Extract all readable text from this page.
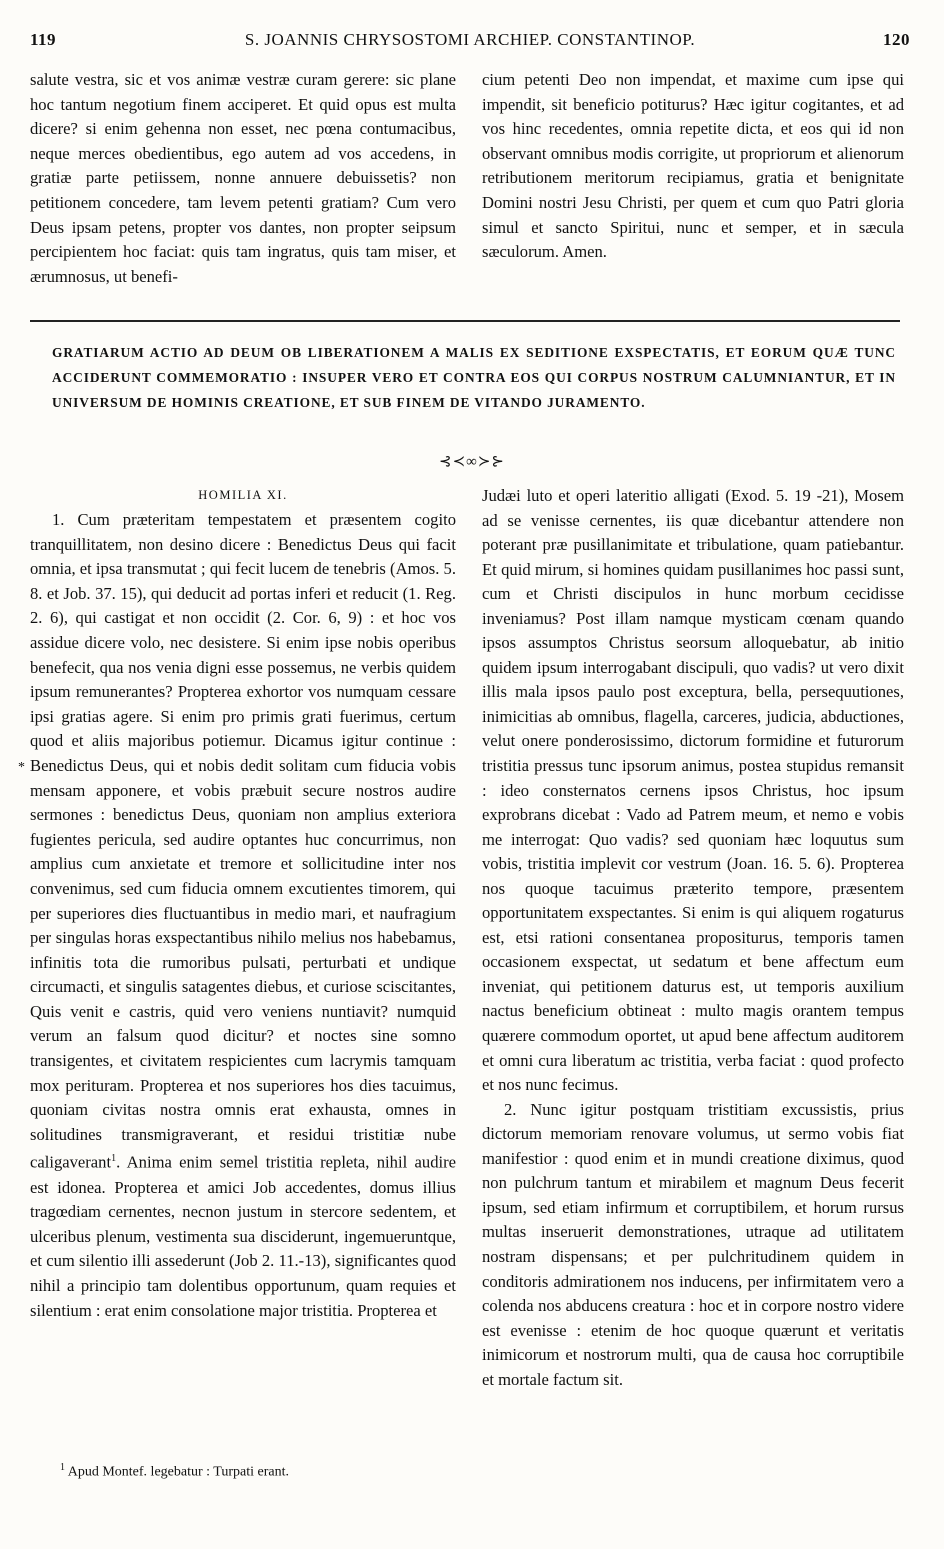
119	S. JOANNIS CHRYSOSTOMI ARCHIEP. CONSTANTINOP.	120

salute vestra, sic et vos animæ vestræ curam gerere: sic plane hoc tantum negotium finem acciperet. Et quid opus est multa dicere? si enim gehenna non esset, nec pœna contumacibus, neque merces obedientibus, ego autem ad vos accedens, in gratiæ parte petiissem, nonne annuere debuissetis? non petitionem concedere, tam levem petenti gratiam? Cum vero Deus ipsam petens, propter vos dantes, non propter seipsum percipientem hoc faciat: quis tam ingratus, quis tam miser, et ærumnosus, ut benefi-

cium petenti Deo non impendat, et maxime cum ipse qui impendit, sit beneficio potiturus? Hæc igitur cogitantes, et ad vos hinc recedentes, omnia repetite dicta, et eos qui id non observant omnibus modis corrigite, ut propriorum et alienorum retributionem meritorum recipiamus, gratia et benignitate Domini nostri Jesu Christi, per quem et cum quo Patri gloria simul et sancto Spiritui, nunc et semper, et in sæcula sæculorum. Amen.

GRATIARUM ACTIO AD DEUM OB LIBERATIONEM A MALIS EX SEDITIONE EXSPECTATIS, ET EORUM QUÆ TUNC ACCIDERUNT COMMEMORATIO : INSUPER VERO ET CONTRA EOS QUI CORPUS NOSTRUM CALUMNIANTUR, ET IN UNIVERSUM DE HOMINIS CREATIONE, ET SUB FINEM DE VITANDO JURAMENTO.
⊰≺∞≻⊱
HOMILIA XI.
*

1. Cum præteritam tempestatem et præsentem cogito tranquillitatem, non desino dicere : Benedictus Deus qui facit omnia, et ipsa transmutat ; qui fecit lucem de tenebris (Amos. 5. 8. et Job. 37. 15), qui deducit ad portas inferi et reducit (1. Reg. 2. 6), qui castigat et non occidit (2. Cor. 6, 9) : et hoc vos assidue dicere volo, nec desistere. Si enim ipse nobis operibus benefecit, qua nos venia digni esse possemus, ne verbis quidem ipsum remunerantes? Propterea exhortor vos numquam cessare ipsi gratias agere. Si enim pro primis grati fuerimus, certum quod et aliis majoribus potiemur. Dicamus igitur continue : Benedictus Deus, qui et nobis dedit solitam cum fiducia vobis mensam apponere, et vobis præbuit secure nostros audire sermones : benedictus Deus, quoniam non amplius exteriora fugientes pericula, sed audire optantes huc concurrimus, non amplius cum anxietate et tremore et sollicitudine inter nos convenimus, sed cum fiducia omnem excutientes timorem, qui per superiores dies fluctuantibus in medio mari, et naufragium per singulas horas exspectantibus nihilo melius nos habebamus, infinitis tota die rumoribus pulsati, perturbati et undique circumacti, et singulis satagentes diebus, et curiose sciscitantes, Quis venit e castris, quid vero veniens nuntiavit? numquid verum an falsum quod dicitur? et noctes sine somno transigentes, et civitatem respicientes cum lacrymis tamquam mox perituram. Propterea et nos superiores hos dies tacuimus, quoniam civitas nostra omnis erat exhausta, omnes in solitudines transmigraverant, et residui tristitiæ nube caligaverant$^1$. Anima enim semel tristitia repleta, nihil audire est idonea. Propterea et amici Job accedentes, domus illius tragœdiam cernentes, necnon justum in stercore sedentem, et ulceribus plenum, vestimenta sua disciderunt, ingemueruntque, et cum silentio illi assederunt (Job 2. 11.-13), significantes quod nihil a principio tam dolentibus opportunum, quam requies et silentium : erat enim consolatione major tristitia. Propterea et

Judæi luto et operi lateritio alligati (Exod. 5. 19 -21), Mosem ad se venisse cernentes, iis quæ dicebantur attendere non poterant præ pusillanimitate et tribulatione, quam patiebantur. Et quid mirum, si homines quidam pusillanimes hoc passi sunt, cum et Christi discipulos in hunc morbum cecidisse inveniamus? Post illam namque mysticam cœnam quando ipsos assumptos Christus seorsum alloquebatur, ab initio quidem ipsum interrogabant discipuli, quo vadis? ut vero dixit illis mala ipsos paulo post exceptura, bella, persequutiones, inimicitias ab omnibus, flagella, carceres, judicia, abductiones, velut onere ponderosissimo, dictorum formidine et futurorum tristitia pressus tunc ipsorum animus, postea stupidus remansit : ideo consternatos cernens ipsos Christus, hoc ipsum exprobrans dicebat : Vado ad Patrem meum, et nemo e vobis me interrogat: Quo vadis? sed quoniam hæc loquutus sum vobis, tristitia implevit cor vestrum (Joan. 16. 5. 6). Propterea nos quoque tacuimus præterito tempore, præsentem opportunitatem exspectantes. Si enim is qui aliquem rogaturus est, etsi rationi consentanea propositurus, temporis tamen occasionem exspectat, ut sedatum et bene affectum eum inveniat, qui petitionem daturus est, ut temporis auxilium nactus beneficium obtineat : multo magis orantem tempus quærere commodum oportet, ut apud bene affectum auditorem et omni cura liberatum ac tristitia, verba faciat : quod profecto et nos nunc fecimus.

2. Nunc igitur postquam tristitiam excussistis, prius dictorum memoriam renovare volumus, ut sermo vobis fiat manifestior : quod enim et in mundi creatione diximus, quod non pulchrum tantum et mirabilem et magnum Deus fecerit ipsum, sed etiam infirmum et corruptibilem, et horum rursus multas inseruerit demonstrationes, utraque ad utilitatem nostram dispensans; et per pulchritudinem quidem in conditoris admirationem nos inducens, per infirmitatem vero a colenda nos abducens creatura : hoc et in corpore nostro videre est evenisse : etenim de hoc quoque quærunt et veritatis inimicorum et nostrorum multi, qua de causa hoc corruptibile et mortale factum sit.

$^1$ Apud Montef. legebatur : Turpati erant.
